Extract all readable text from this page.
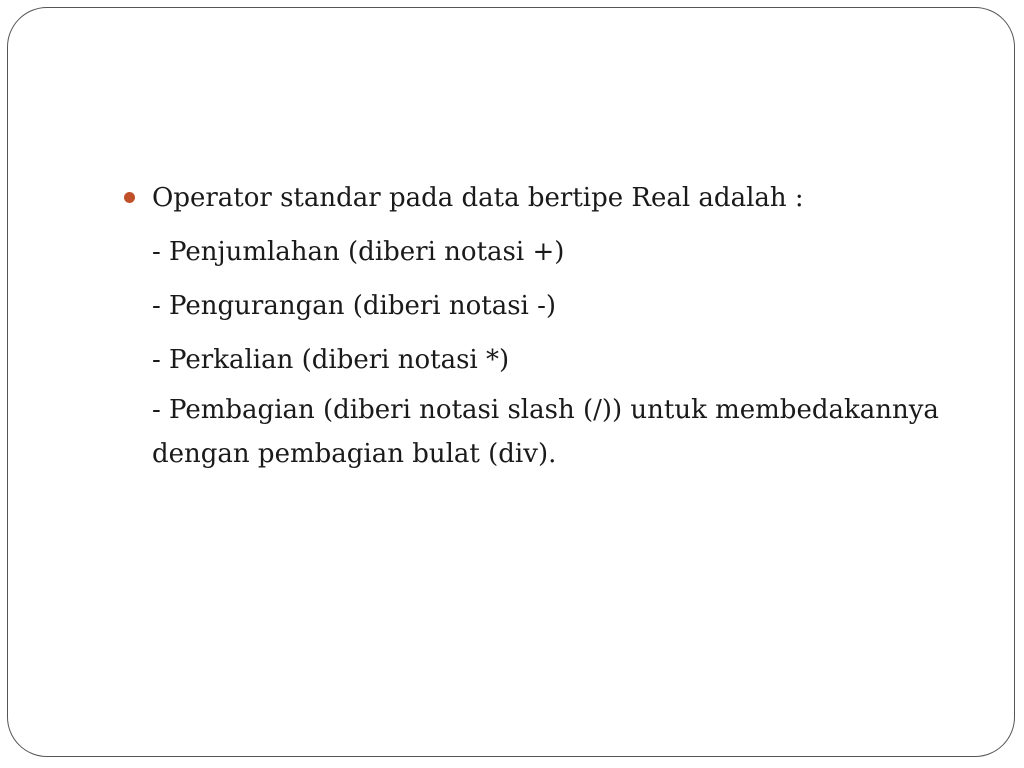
Operator standar pada data bertipe Real adalah :
- Penjumlahan (diberi notasi +)
- Pengurangan (diberi notasi -)
- Perkalian (diberi notasi *)
- Pembagian (diberi notasi slash (/)) untuk membedakannya dengan pembagian bulat (div).
